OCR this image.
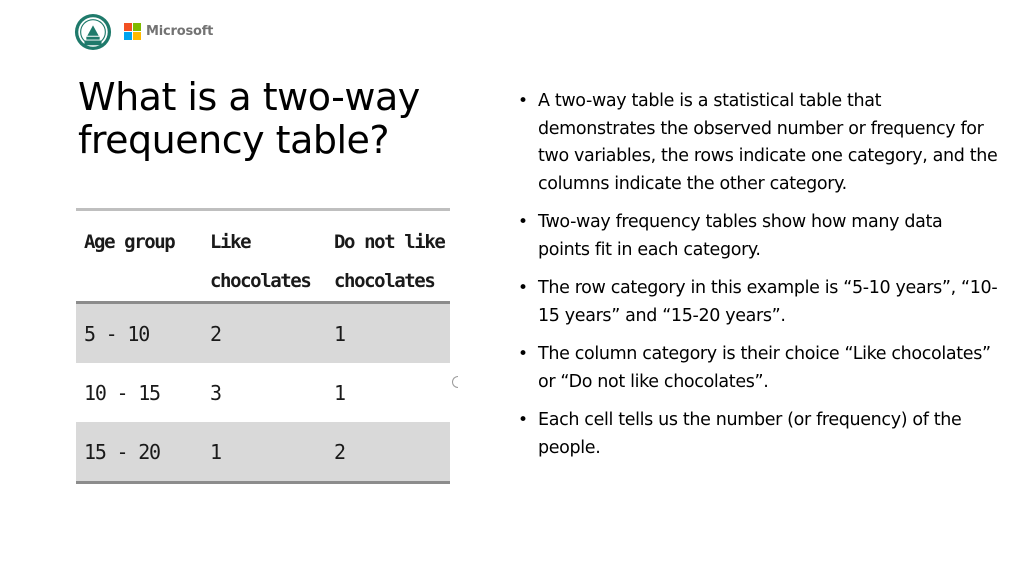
Microsoft
What is a two-way frequency table?
Age group	Like chocolates	Do not like chocolates
5 - 10	2	1
10 - 15	3	1
15 - 20	1	2
• A two-way table is a statistical table that demonstrates the observed number or frequency for two variables, the rows indicate one category, and the columns indicate the other category.
• Two-way frequency tables show how many data points fit in each category.
• The row category in this example is “5-10 years”, “10-15 years” and “15-20 years”.
• The column category is their choice “Like chocolates” or “Do not like chocolates”.
• Each cell tells us the number (or frequency) of the people.
